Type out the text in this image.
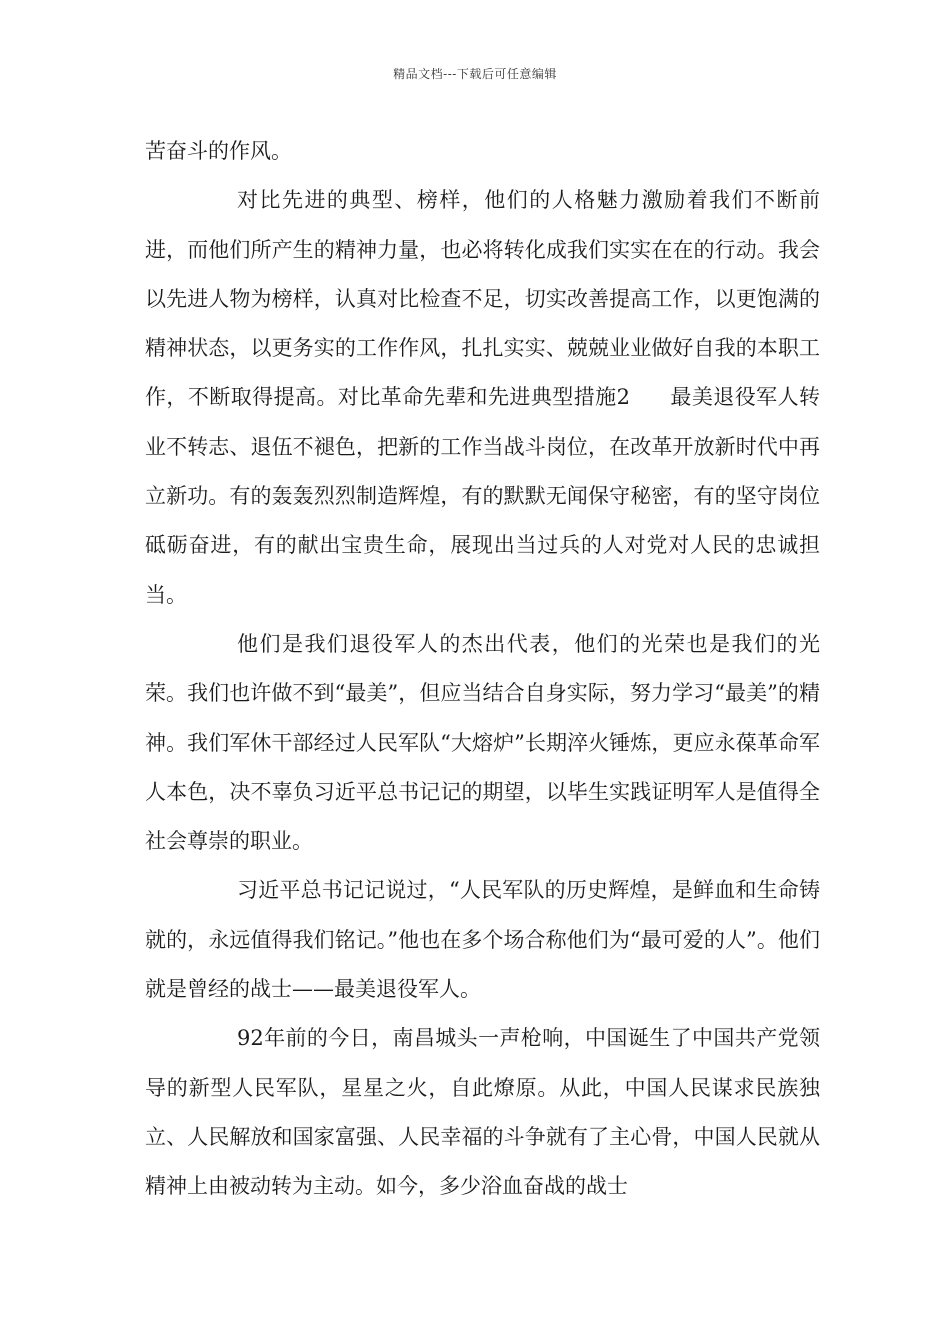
精品文档---下载后可任意编辑

苦奋斗的作风。

对比先进的典型、榜样，他们的人格魅力激励着我们不断前进，而他们所产生的精神力量，也必将转化成我们实实在在的行动。我会以先进人物为榜样，认真对比检查不足，切实改善提高工作，以更饱满的精神状态，以更务实的工作作风，扎扎实实、兢兢业业做好自我的本职工作，不断取得提高。对比革命先辈和先进典型措施2 最美退役军人转业不转志、退伍不褪色，把新的工作当战斗岗位，在改革开放新时代中再立新功。有的轰轰烈烈制造辉煌，有的默默无闻保守秘密，有的坚守岗位砥砺奋进，有的献出宝贵生命，展现出当过兵的人对党对人民的忠诚担当。

他们是我们退役军人的杰出代表，他们的光荣也是我们的光荣。我们也许做不到“最美”，但应当结合自身实际，努力学习“最美”的精神。我们军休干部经过人民军队“大熔炉”长期淬火锤炼，更应永葆革命军人本色，决不辜负习近平总书记记的期望，以毕生实践证明军人是值得全社会尊崇的职业。

习近平总书记记说过，“人民军队的历史辉煌，是鲜血和生命铸就的，永远值得我们铭记。”他也在多个场合称他们为“最可爱的人”。他们就是曾经的战士——最美退役军人。

92年前的今日，南昌城头一声枪响，中国诞生了中国共产党领导的新型人民军队，星星之火，自此燎原。从此，中国人民谋求民族独立、人民解放和国家富强、人民幸福的斗争就有了主心骨，中国人民就从精神上由被动转为主动。如今，多少浴血奋战的战士
